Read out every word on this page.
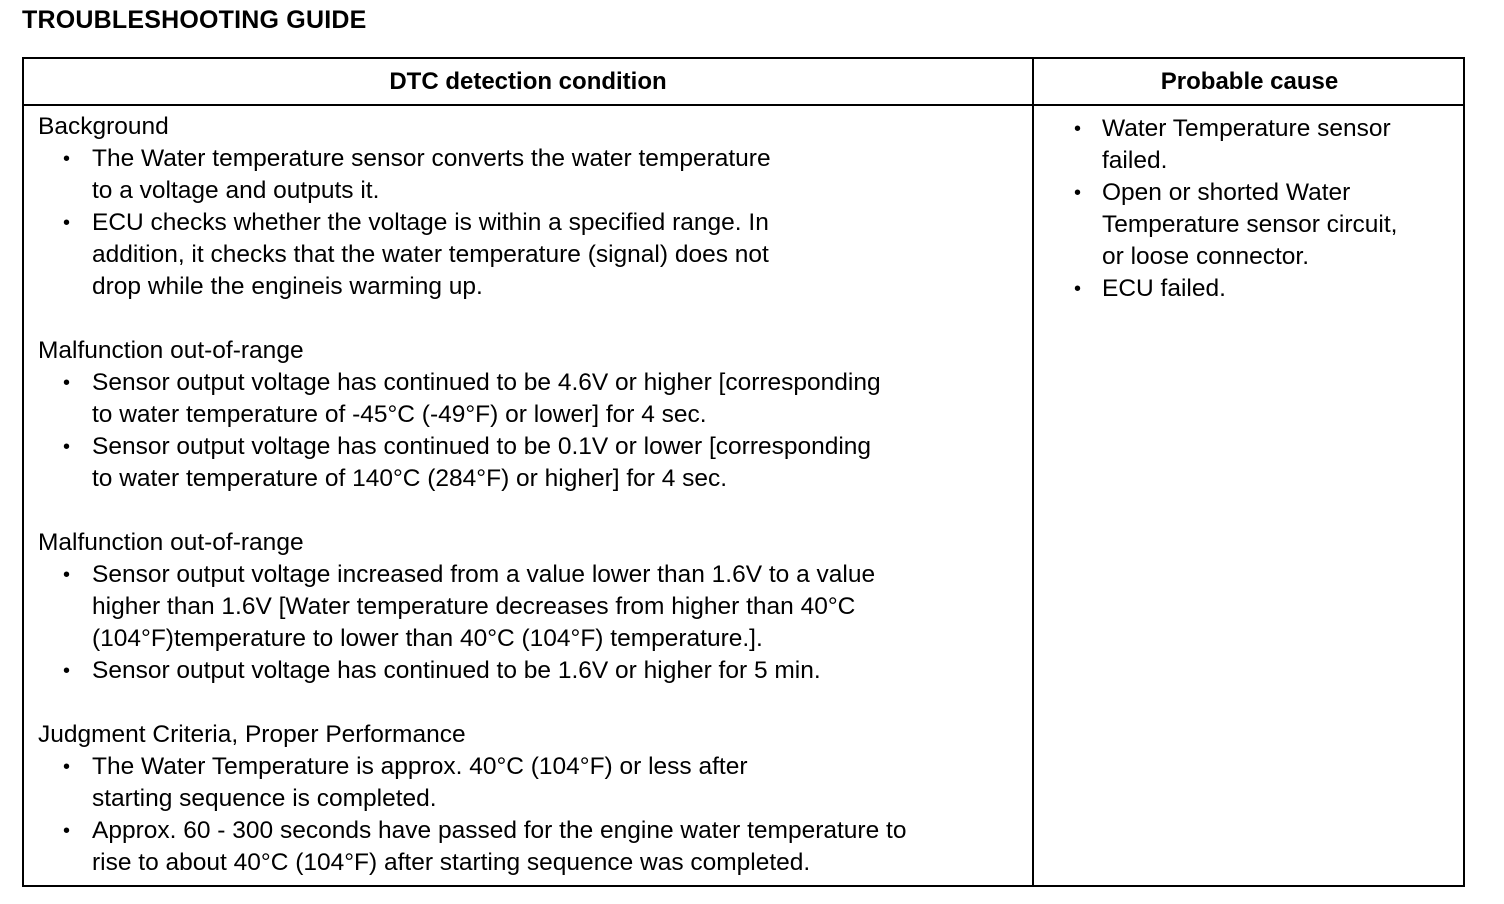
TROUBLESHOOTING GUIDE
DTC detection condition	Probable cause
Background
• The Water temperature sensor converts the water temperature
to a voltage and outputs it.
• ECU checks whether the voltage is within a specified range. In
addition, it checks that the water temperature (signal) does not
drop while the engineis warming up.
Malfunction out-of-range
• Sensor output voltage has continued to be 4.6V or higher [corresponding
to water temperature of -45°C (-49°F) or lower] for 4 sec.
• Sensor output voltage has continued to be 0.1V or lower [corresponding
to water temperature of 140°C (284°F) or higher] for 4 sec.
Malfunction out-of-range
• Sensor output voltage increased from a value lower than 1.6V to a value
higher than 1.6V [Water temperature decreases from higher than 40°C
(104°F)temperature to lower than 40°C (104°F) temperature.].
• Sensor output voltage has continued to be 1.6V or higher for 5 min.
Judgment Criteria, Proper Performance
• The Water Temperature is approx. 40°C (104°F) or less after
starting sequence is completed.
• Approx. 60 - 300 seconds have passed for the engine water temperature to
rise to about 40°C (104°F) after starting sequence was completed.
• Water Temperature sensor
failed.
• Open or shorted Water
Temperature sensor circuit,
or loose connector.
• ECU failed.
